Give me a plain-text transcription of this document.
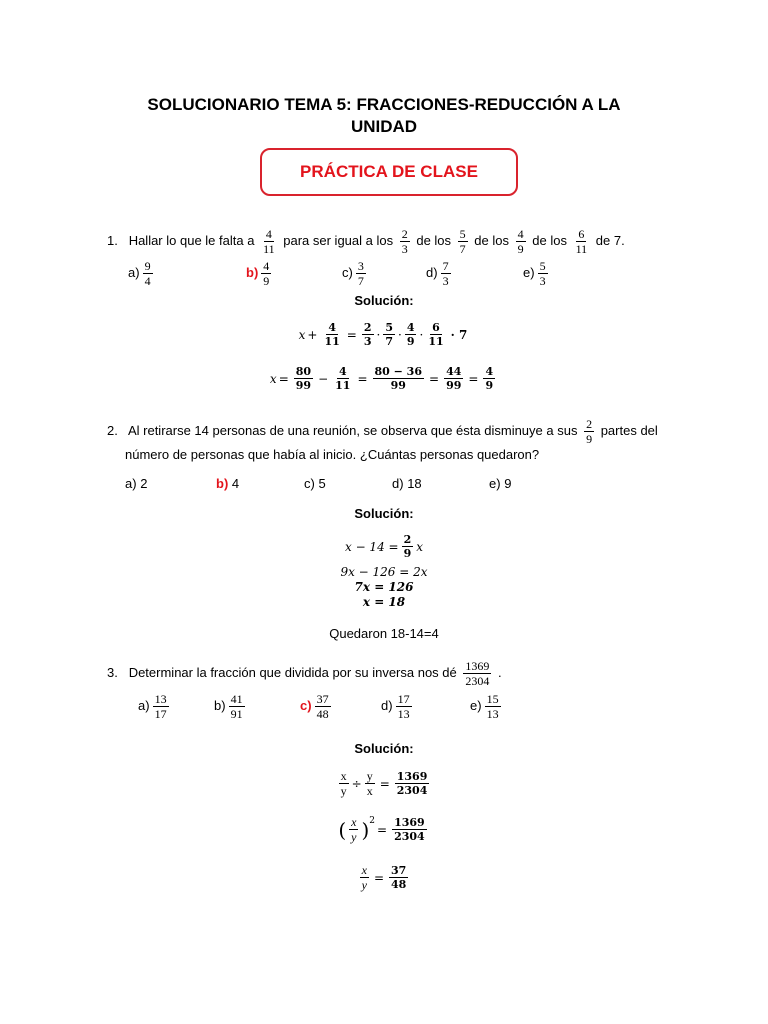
SOLUCIONARIO TEMA 5: FRACCIONES-REDUCCIÓN A LA
UNIDAD
PRÁCTICA DE CLASE
1. Hallar lo que le falta a $\frac{4}{11}$ para ser igual a los $\frac{2}{3}$ de los $\frac{5}{7}$ de los $\frac{4}{9}$ de los $\frac{6}{11}$ de 7.
$a) \frac{9}{4}$	$b) \frac{4}{9}$	$c) \frac{3}{7}$	$d) \frac{7}{3}$	$e) \frac{5}{3}$
Solución:
$x + \frac{4}{11} = \frac{2}{3} \cdot \frac{5}{7} \cdot \frac{4}{9} \cdot \frac{6}{11} \cdot 7$
$x = \frac{80}{99} - \frac{4}{11} = \frac{80 - 36}{99} = \frac{44}{99} = \frac{4}{9}$
2. Al retirarse 14 personas de una reunión, se observa que ésta disminuye a sus $\frac{2}{9}$ partes del
número de personas que había al inicio. ¿Cuántas personas quedaron?
a) 2	b) 4	c) 5	d) 18	e) 9
Solución:
$x - 14 = \frac{2}{9}$ x
9x − 126 = 2x
7x = 126
x = 18
Quedaron 18-14=4
3. Determinar la fracción que dividida por su inversa nos dé $\frac{1369}{2304}$ .
$a) \frac{13}{17}$	$b) \frac{41}{91}$	$c) \frac{37}{48}$	$d) \frac{17}{13}$	$e) \frac{15}{13}$
Solución:
$\frac{x}{y} \div \frac{y}{x} = \frac{1369}{2304}$
( $\frac{x}{y} )^2$
= $\frac{1369}{2304}$
$\frac{x}{y} = \frac{37}{48}$
